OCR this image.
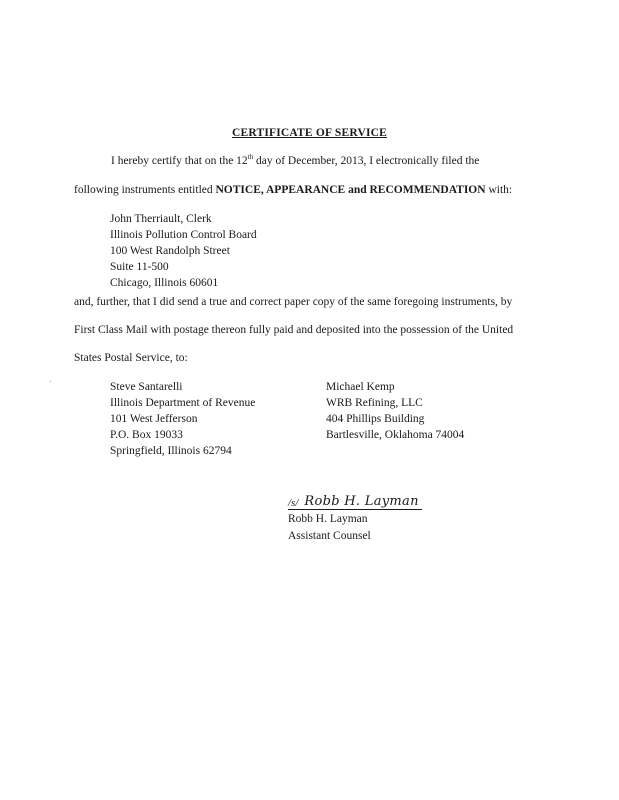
CERTIFICATE OF SERVICE
I hereby certify that on the 12th day of December, 2013, I electronically filed the
following instruments entitled NOTICE, APPEARANCE and RECOMMENDATION with:
John Therriault, Clerk
Illinois Pollution Control Board
100 West Randolph Street
Suite 11-500
Chicago, Illinois 60601
and, further, that I did send a true and correct paper copy of the same foregoing instruments, by
First Class Mail with postage thereon fully paid and deposited into the possession of the United
States Postal Service, to:
Steve Santarelli
Illinois Department of Revenue
101 West Jefferson
P.O. Box 19033
Springfield, Illinois 62794
Michael Kemp
WRB Refining, LLC
404 Phillips Building
Bartlesville, Oklahoma 74004
/s/ Robb H. Layman
Robb H. Layman
Assistant Counsel
